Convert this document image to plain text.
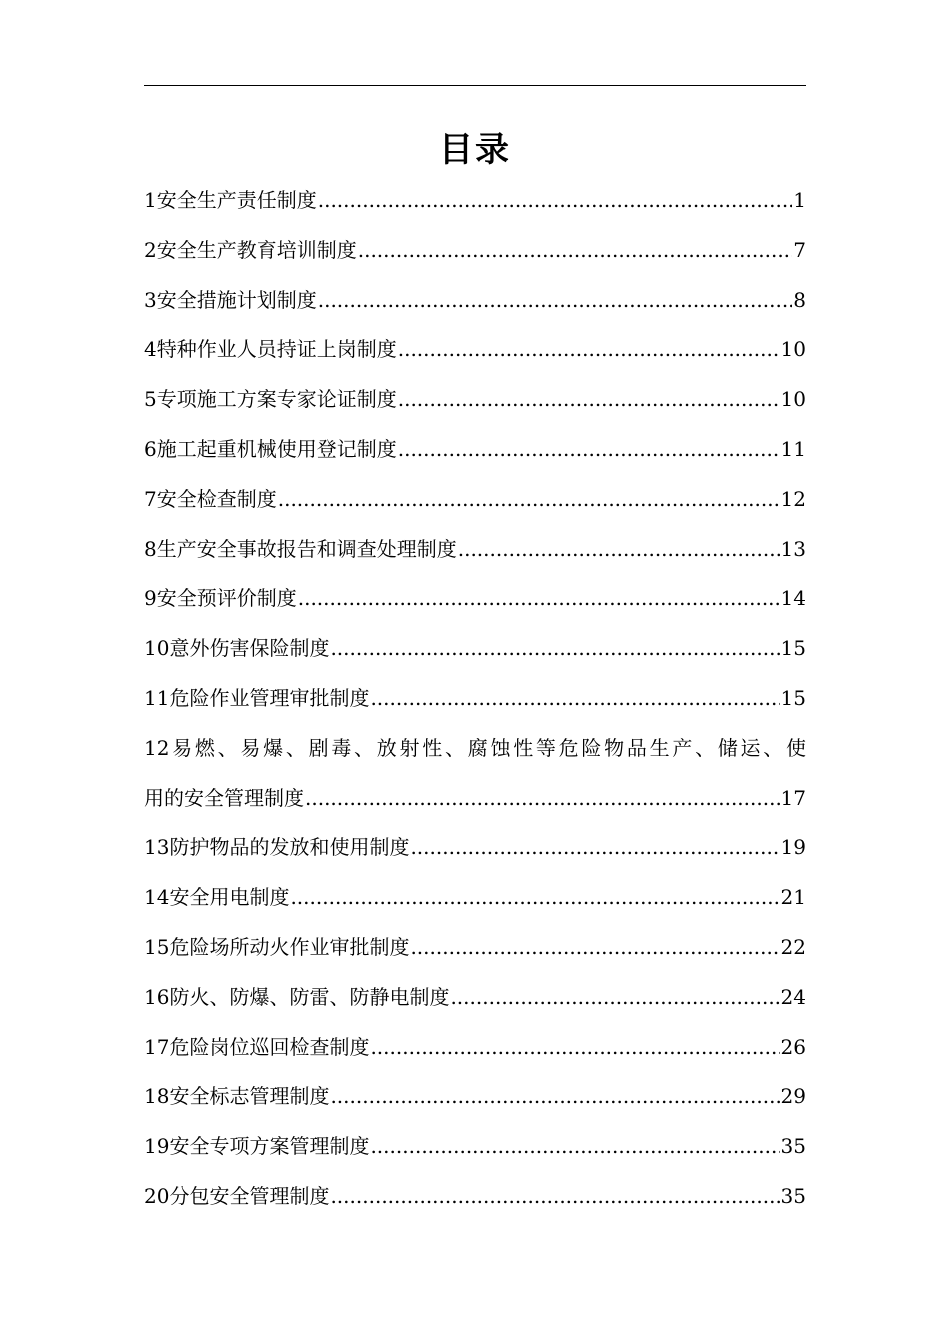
目录
1安全生产责任制度 .....	1
2安全生产教育培训制度 .....	7
3安全措施计划制度 .....	8
4特种作业人员持证上岗制度 .....	10
5专项施工方案专家论证制度 .....	10
6施工起重机械使用登记制度 .....	11
7安全检查制度 .....	12
8生产安全事故报告和调查处理制度 .....	13
9安全预评价制度 .....	14
10意外伤害保险制度 .....	15
11危险作业管理审批制度 .....	15
12易燃、易爆、剧毒、放射性、腐蚀性等危险物品生产、储运、使
用的安全管理制度 .....	17
13防护物品的发放和使用制度 .....	19
14安全用电制度 .....	21
15危险场所动火作业审批制度 .....	22
16防火、防爆、防雷、防静电制度 .....	24
17危险岗位巡回检查制度 .....	26
18安全标志管理制度 .....	29
19安全专项方案管理制度 .....	35
20分包安全管理制度 .....	35
